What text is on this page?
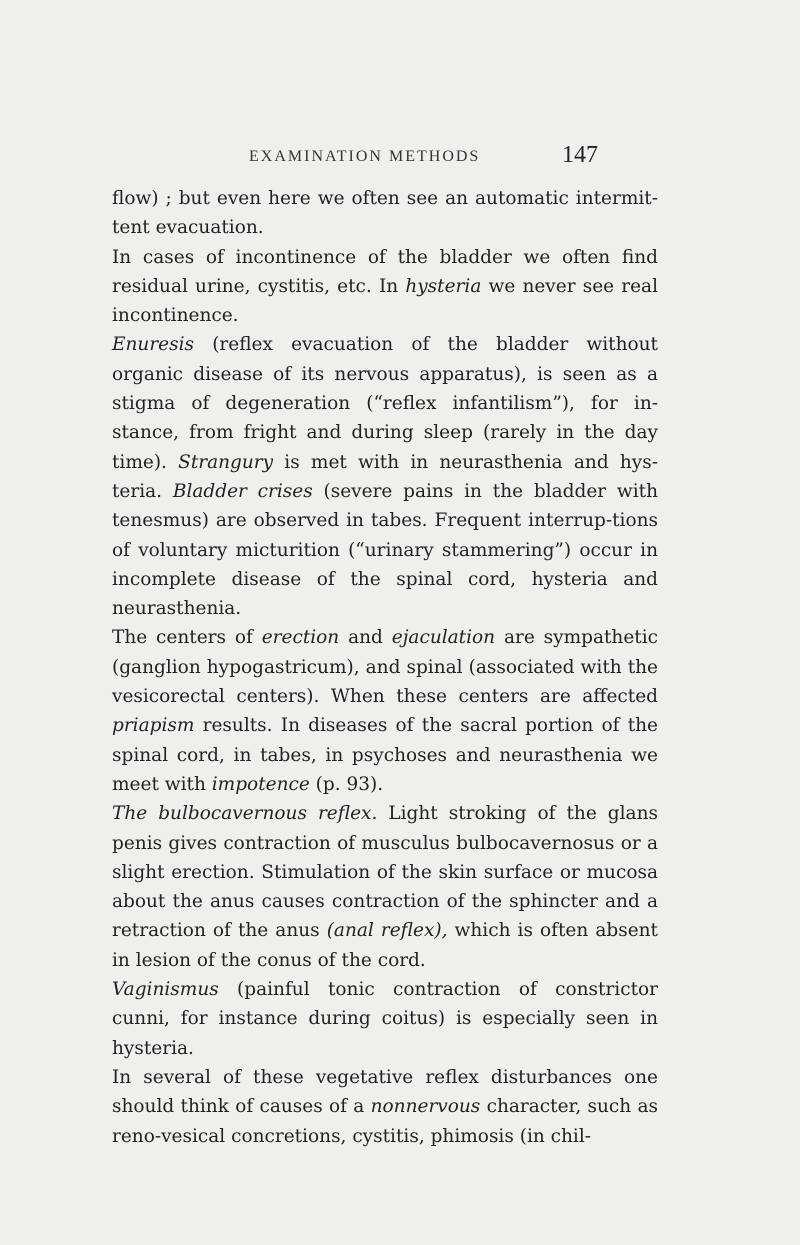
EXAMINATION METHODS	147

flow) ; but even here we often see an automatic intermit-tent evacuation.

In cases of incontinence of the bladder we often find residual urine, cystitis, etc. In hysteria we never see real incontinence.

Enuresis (reflex evacuation of the bladder without organic disease of its nervous apparatus), is seen as a stigma of degeneration (“reflex infantilism”), for in-stance, from fright and during sleep (rarely in the day time). Strangury is met with in neurasthenia and hys-teria. Bladder crises (severe pains in the bladder with tenesmus) are observed in tabes. Frequent interrup-tions of voluntary micturition (“urinary stammering”) occur in incomplete disease of the spinal cord, hysteria and neurasthenia.

The centers of erection and ejaculation are sympathetic (ganglion hypogastricum), and spinal (associated with the vesicorectal centers). When these centers are affected priapism results. In diseases of the sacral portion of the spinal cord, in tabes, in psychoses and neurasthenia we meet with impotence (p. 93).

The bulbocavernous reflex. Light stroking of the glans penis gives contraction of musculus bulbocavernosus or a slight erection. Stimulation of the skin surface or mucosa about the anus causes contraction of the sphincter and a retraction of the anus (anal reflex), which is often absent in lesion of the conus of the cord.

Vaginismus (painful tonic contraction of constrictor cunni, for instance during coitus) is especially seen in hysteria.

In several of these vegetative reflex disturbances one should think of causes of a nonnervous character, such as reno-vesical concretions, cystitis, phimosis (in chil-
